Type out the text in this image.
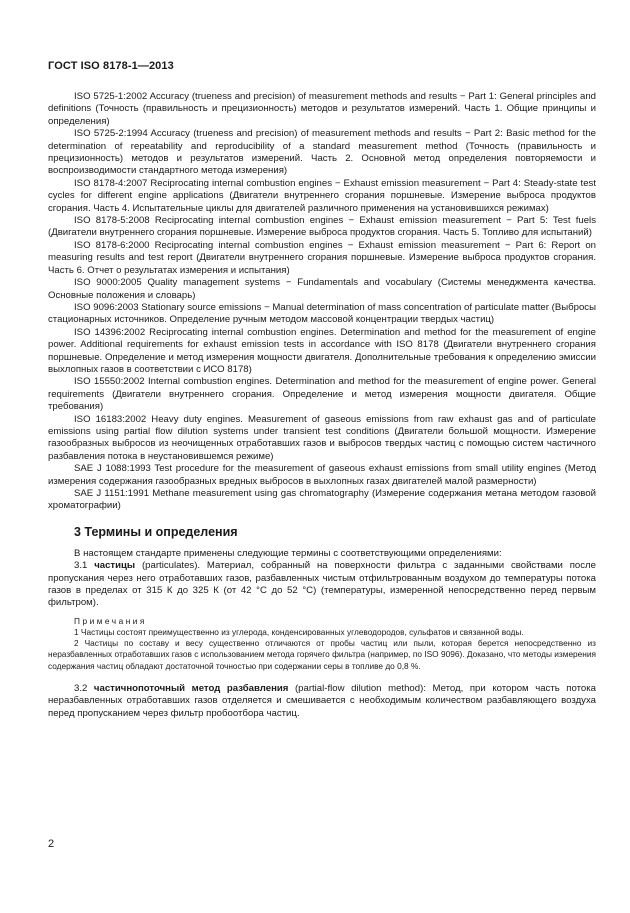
ГОСТ ISO 8178-1—2013

ISO 5725-1:2002 Accuracy (trueness and precision) of measurement methods and results − Part 1: General principles and definitions (Точность (правильность и прецизионность) методов и результатов измерений. Часть 1. Общие принципы и определения)

ISO 5725-2:1994 Accuracy (trueness and precision) of measurement methods and results − Part 2: Basic method for the determination of repeatability and reproducibility of a standard measurement method (Точность (правильность и прецизионность) методов и результатов измерений. Часть 2. Основной метод определения повторяемости и воспроизводимости стандартного метода измерения)

ISO 8178-4:2007 Reciprocating internal combustion engines − Exhaust emission measurement − Part 4: Steady-state test cycles for different engine applications (Двигатели внутреннего сгорания поршневые. Измерение выброса продуктов сгорания. Часть 4. Испытательные циклы для двигателей различного применения на установившихся режимах)

ISO 8178-5:2008 Reciprocating internal combustion engines − Exhaust emission measurement − Part 5: Test fuels (Двигатели внутреннего сгорания поршневые. Измерение выброса продуктов сгорания. Часть 5. Топливо для испытаний)

ISO 8178-6:2000 Reciprocating internal combustion engines − Exhaust emission measurement − Part 6: Report on measuring results and test report (Двигатели внутреннего сгорания поршневые. Измерение выброса продуктов сгорания. Часть 6. Отчет о результатах измерения и испытания)

ISO 9000:2005 Quality management systems − Fundamentals and vocabulary (Системы менеджмента качества. Основные положения и словарь)

ISO 9096:2003 Stationary source emissions − Manual determination of mass concentration of particulate matter (Выбросы стационарных источников. Определение ручным методом массовой концентрации твердых частиц)

ISO 14396:2002 Reciprocating internal combustion engines. Determination and method for the measurement of engine power. Additional requirements for exhaust emission tests in accordance with ISO 8178 (Двигатели внутреннего сгорания поршневые. Определение и метод измерения мощности двигателя. Дополнительные требования к определению эмиссии выхлопных газов в соответствии с ИСО 8178)

ISO 15550:2002 Internal combustion engines. Determination and method for the measurement of engine power. General requirements (Двигатели внутреннего сгорания. Определение и метод измерения мощности двигателя. Общие требования)

ISO 16183:2002 Heavy duty engines. Measurement of gaseous emissions from raw exhaust gas and of particulate emissions using partial flow dilution systems under transient test conditions (Двигатели большой мощности. Измерение газообразных выбросов из неочищенных отработавших газов и выбросов твердых частиц с помощью систем частичного разбавления потока в неустановившемся режиме)

SAE J 1088:1993 Test procedure for the measurement of gaseous exhaust emissions from small utility engines (Метод измерения содержания газообразных вредных выбросов в выхлопных газах двигателей малой размерности)

SAE J 1151:1991 Methane measurement using gas chromatography (Измерение содержания метана методом газовой хроматографии)

3 Термины и определения

В настоящем стандарте применены следующие термины с соответствующими определениями:

3.1 частицы (particulates). Материал, собранный на поверхности фильтра с заданными свойствами после пропускания через него отработавших газов, разбавленных чистым отфильтрованным воздухом до температуры потока газов в пределах от 315 К до 325 К (от 42 °С до 52 °С) (температуры, измеренной непосредственно перед первым фильтром).

Примечания

1 Частицы состоят преимущественно из углерода, конденсированных углеводородов, сульфатов и связанной воды.

2 Частицы по составу и весу существенно отличаются от пробы частиц или пыли, которая берется непосредственно из неразбавленных отработавших газов с использованием метода горячего фильтра (например, по ISO 9096). Доказано, что методы измерения содержания частиц обладают достаточной точностью при содержании серы в топливе до 0,8 %.

3.2 частичнопоточный метод разбавления (partial-flow dilution method): Метод, при котором часть потока неразбавленных отработавших газов отделяется и смешивается с необходимым количеством разбавляющего воздуха перед пропусканием через фильтр пробоотбора частиц.

2
